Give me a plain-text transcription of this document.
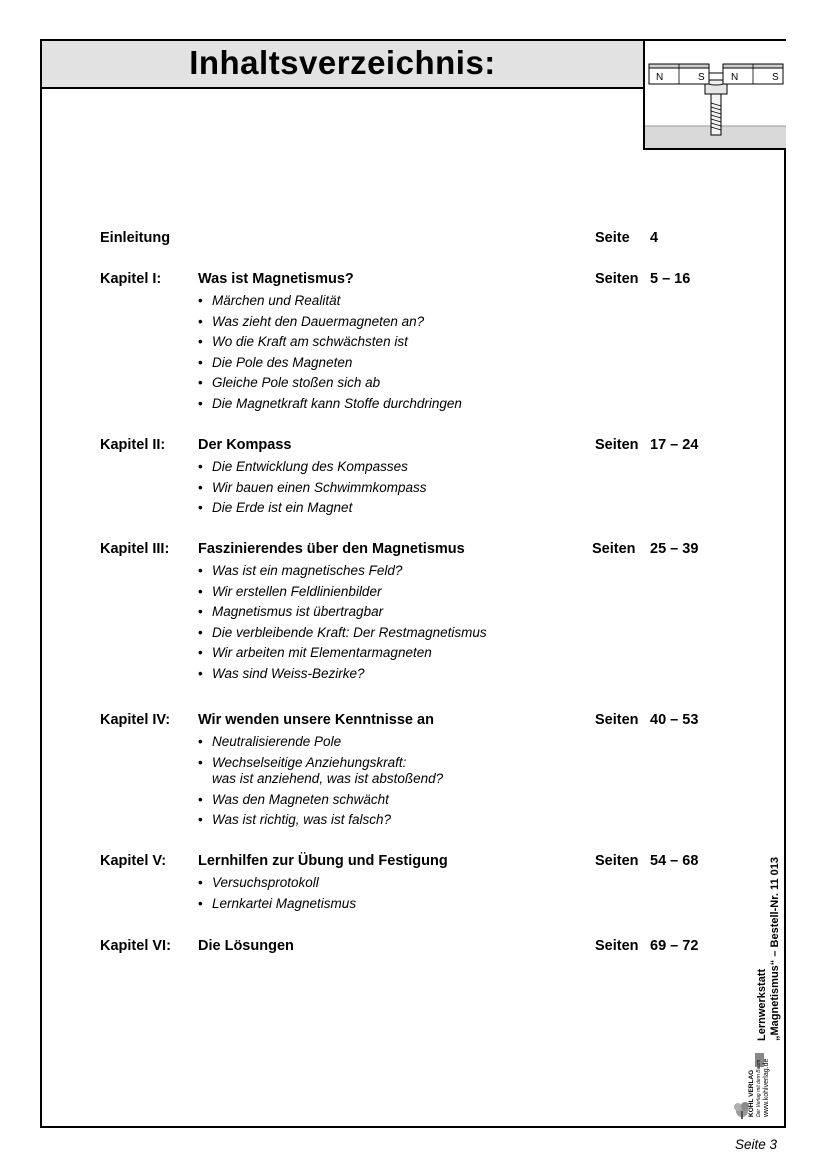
Inhaltsverzeichnis:	N	S	N	S
Einleitung	Seite 4
Kapitel I:	Was ist Magnetismus?	Seiten 5 – 16
• Märchen und Realität
• Was zieht den Dauermagneten an?
• Wo die Kraft am schwächsten ist
• Die Pole des Magneten
• Gleiche Pole stoßen sich ab
• Die Magnetkraft kann Stoffe durchdringen
Kapitel II: Der Kompass	Seiten 17 – 24
• Die Entwicklung des Kompasses
• Wir bauen einen Schwimmkompass
• Die Erde ist ein Magnet
Kapitel III: Faszinierendes über den Magnetismus	Seiten 25 – 39
• Was ist ein magnetisches Feld?
• Wir erstellen Feldlinienbilder
• Magnetismus ist übertragbar
• Die verbleibende Kraft: Der Restmagnetismus
• Wir arbeiten mit Elementarmagneten
• Was sind Weiss-Bezirke?
Kapitel IV: Wir wenden unsere Kenntnisse an	Seiten 40 – 53
• Neutralisierende Pole
• Wechselseitige Anziehungskraft:
was ist anziehend, was ist abstoßend?
• Was den Magneten schwächt
• Was ist richtig, was ist falsch?
Kapitel V: Lernhilfen zur Übung und Festigung	Seiten 54 – 68
• Versuchsprotokoll
• Lernkartei Magnetismus
Kapitel VI: Die Lösungen	Seiten 69 – 72
Lernwerkstatt „Magnetismus“ – Bestell-Nr. 11 013
KOHL VERLAG Der Verlag mit dem Baum www.kohlverlag.de
Seite 3
